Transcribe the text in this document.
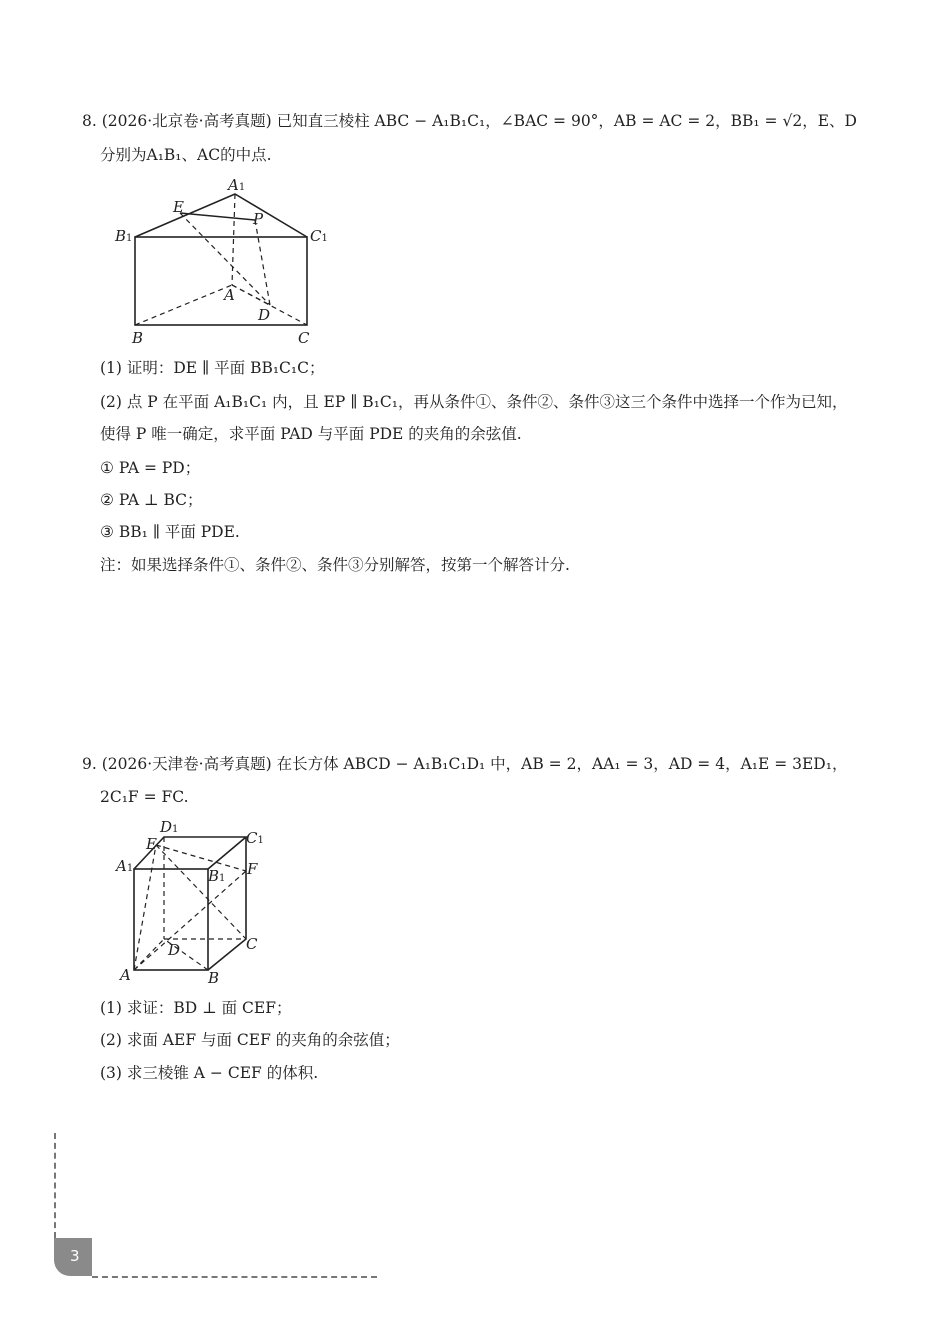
8. (2026·北京卷·高考真题) 已知直三棱柱 ABC − A₁B₁C₁，∠BAC = 90°，AB = AC = 2，BB₁ = √2，E、D
分别为A₁B₁、AC的中点.
A1
E
P
B1	C1
A
D
B	C
(1) 证明：DE ∥ 平面 BB₁C₁C；
(2) 点 P 在平面 A₁B₁C₁ 内，且 EP ∥ B₁C₁，再从条件①、条件②、条件③这三个条件中选择一个作为已知，
使得 P 唯一确定，求平面 PAD 与平面 PDE 的夹角的余弦值.
① PA = PD；
② PA ⊥ BC；
③ BB₁ ∥ 平面 PDE.
注：如果选择条件①、条件②、条件③分别解答，按第一个解答计分.
9. (2026·天津卷·高考真题) 在长方体 ABCD − A₁B₁C₁D₁ 中，AB = 2，AA₁ = 3，AD = 4，A₁E = 3ED₁，
2C₁F = FC.
D1	C1
E
A1	B1
F
D	C
A	B
(1) 求证：BD ⊥ 面 CEF；
(2) 求面 AEF 与面 CEF 的夹角的余弦值；
(3) 求三棱锥 A − CEF 的体积.
3
